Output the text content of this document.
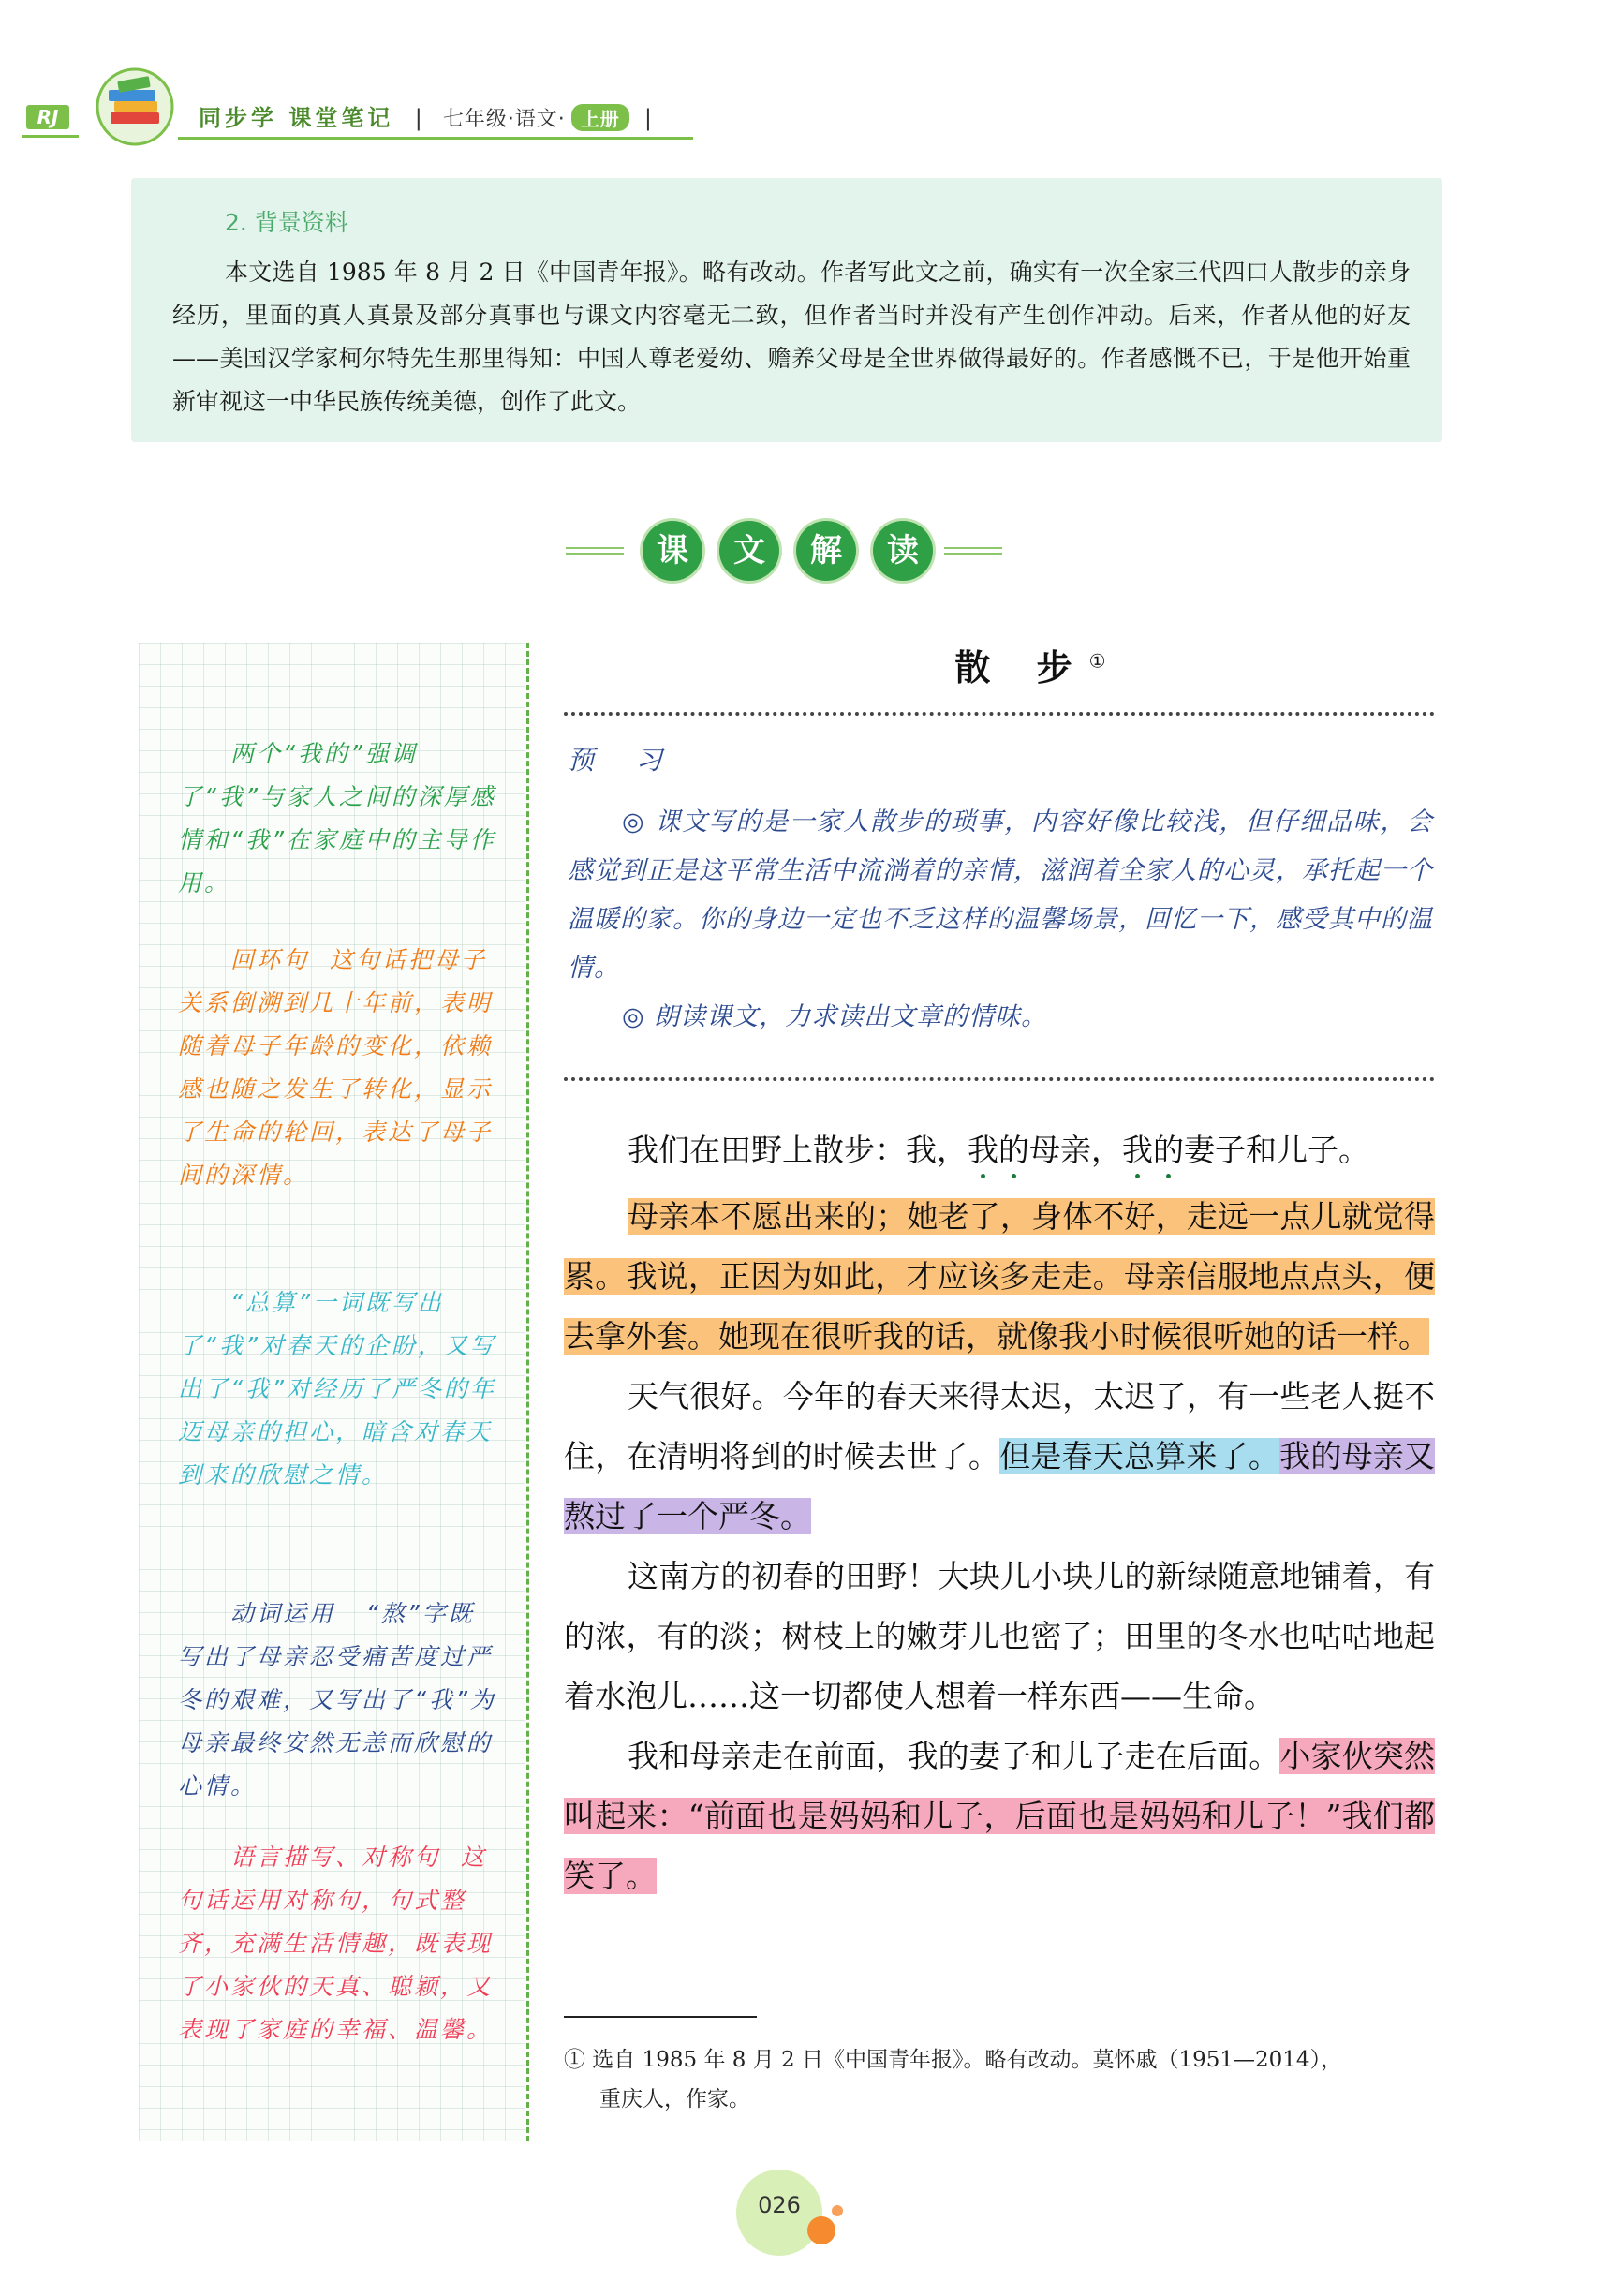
RJ	同步学 课堂笔记 | 七年级·语文· 上册 |
2. 背景资料
本文选自 1985 年 8 月 2 日《中国青年报》。略有改动。作者写此文之前，确实有一次全家三代四口人散步的亲身经历，里面的真人真景及部分真事也与课文内容毫无二致，但作者当时并没有产生创作冲动。后来，作者从他的好友——美国汉学家柯尔特先生那里得知：中国人尊老爱幼、赡养父母是全世界做得最好的。作者感慨不已，于是他开始重新审视这一中华民族传统美德，创作了此文。
课	文	解	读
两个“我的”强调了“我”与家人之间的深厚感情和“我”在家庭中的主导作用。
回环句 这句话把母子关系倒溯到几十年前，表明随着母子年龄的变化，依赖感也随之发生了转化，显示了生命的轮回，表达了母子间的深情。
“总算”一词既写出了“我”对春天的企盼，又写出了“我”对经历了严冬的年迈母亲的担心，暗含对春天到来的欣慰之情。
动词运用 “熬”字既写出了母亲忍受痛苦度过严冬的艰难，又写出了“我”为母亲最终安然无恙而欣慰的心情。
语言描写、对称句 这句话运用对称句，句式整齐，充满生活情趣，既表现了小家伙的天真、聪颖，又表现了家庭的幸福、温馨。
散 步①
预 习

◎ 课文写的是一家人散步的琐事，内容好像比较浅，但仔细品味，会感觉到正是这平常生活中流淌着的亲情，滋润着全家人的心灵，承托起一个温暖的家。你的身边一定也不乏这样的温馨场景，回忆一下，感受其中的温情。

◎ 朗读课文，力求读出文章的情味。

我们在田野上散步：我，我的母亲，我的妻子和儿子。

母亲本不愿出来的；她老了，身体不好，走远一点儿就觉得累。我说，正因为如此，才应该多走走。母亲信服地点点头，便去拿外套。她现在很听我的话，就像我小时候很听她的话一样。

天气很好。今年的春天来得太迟，太迟了，有一些老人挺不住，在清明将到的时候去世了。但是春天总算来了。我的母亲又熬过了一个严冬。

这南方的初春的田野！大块儿小块儿的新绿随意地铺着，有的浓，有的淡；树枝上的嫩芽儿也密了；田里的冬水也咕咕地起着水泡儿……这一切都使人想着一样东西——生命。

我和母亲走在前面，我的妻子和儿子走在后面。小家伙突然叫起来：“前面也是妈妈和儿子，后面也是妈妈和儿子！”我们都笑了。

① 选自 1985 年 8 月 2 日《中国青年报》。略有改动。莫怀戚（1951—2014），
重庆人，作家。
026
